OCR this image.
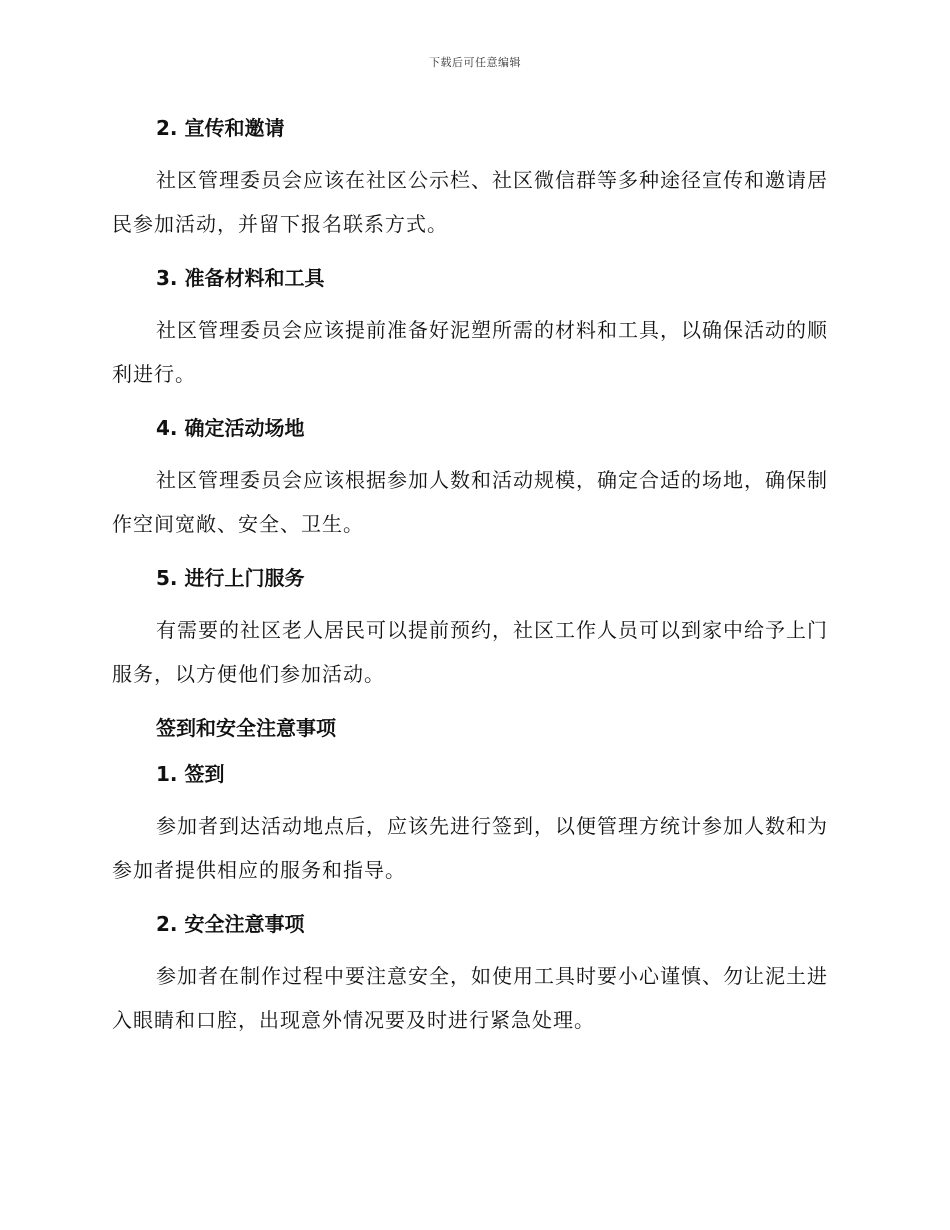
下载后可任意编辑
2. 宣传和邀请

社区管理委员会应该在社区公示栏、社区微信群等多种途径宣传和邀请居民参加活动，并留下报名联系方式。

3. 准备材料和工具

社区管理委员会应该提前准备好泥塑所需的材料和工具，以确保活动的顺利进行。

4. 确定活动场地

社区管理委员会应该根据参加人数和活动规模，确定合适的场地，确保制作空间宽敞、安全、卫生。

5. 进行上门服务

有需要的社区老人居民可以提前预约，社区工作人员可以到家中给予上门服务，以方便他们参加活动。

签到和安全注意事项
1. 签到

参加者到达活动地点后，应该先进行签到，以便管理方统计参加人数和为参加者提供相应的服务和指导。

2. 安全注意事项

参加者在制作过程中要注意安全，如使用工具时要小心谨慎、勿让泥土进入眼睛和口腔，出现意外情况要及时进行紧急处理。
